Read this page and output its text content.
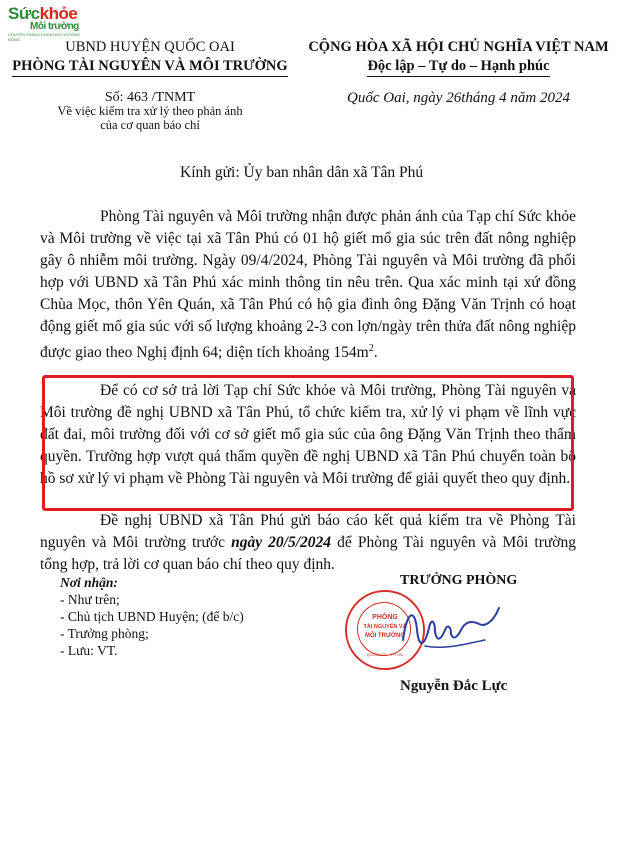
Sứckhỏe
Môi trường
CHUYÊN TRANG KHOA HỌC VÌ CỘNG ĐỒNG	UBND HUYỆN QUỐC OAI
PHÒNG TÀI NGUYÊN VÀ MÔI TRƯỜNG
CỘNG HÒA XÃ HỘI CHỦ NGHĨA VIỆT NAM
Độc lập – Tự do – Hạnh phúc
Số: 463 /TNMT
Về việc kiểm tra xử lý theo phản ánh
của cơ quan báo chí
Quốc Oai, ngày 26tháng 4 năm 2024
Kính gửi: Ủy ban nhân dân xã Tân Phú
Phòng Tài nguyên và Môi trường nhận được phản ánh của Tạp chí Sức khỏe và Môi trường về việc tại xã Tân Phú có 01 hộ giết mổ gia súc trên đất nông nghiệp gây ô nhiễm môi trường. Ngày 09/4/2024, Phòng Tài nguyên và Môi trường đã phối hợp với UBND xã Tân Phú xác minh thông tin nêu trên. Qua xác minh tại xứ đồng Chùa Mọc, thôn Yên Quán, xã Tân Phú có hộ gia đình ông Đặng Văn Trịnh có hoạt động giết mổ gia súc với số lượng khoảng 2-3 con lợn/ngày trên thửa đất nông nghiệp được giao theo Nghị định 64; diện tích khoảng $154m^2$.
Để có cơ sở trả lời Tạp chí Sức khỏe và Môi trường, Phòng Tài nguyên và Môi trường đề nghị UBND xã Tân Phú, tổ chức kiểm tra, xử lý vi phạm về lĩnh vực đất đai, môi trường đối với cơ sở giết mổ gia súc của ông Đặng Văn Trịnh theo thẩm quyền. Trường hợp vượt quá thẩm quyền đề nghị UBND xã Tân Phú chuyển toàn bộ hồ sơ xử lý vi phạm về Phòng Tài nguyên và Môi trường để giải quyết theo quy định.
Đề nghị UBND xã Tân Phú gửi báo cáo kết quả kiểm tra về Phòng Tài nguyên và Môi trường trước ngày 20/5/2024 để Phòng Tài nguyên và Môi trường tổng hợp, trả lời cơ quan báo chí theo quy định.
Nơi nhận:
- Như trên;
- Chủ tịch UBND Huyện; (để b/c)
- Trưởng phòng;
- Lưu: VT.
TRƯỞNG PHÒNG
PHÒNG
TÀI NGUYÊN VÀ
MÔI TRƯỜNG
QUỐC OAI - T.P HN
Nguyễn Đắc Lực
